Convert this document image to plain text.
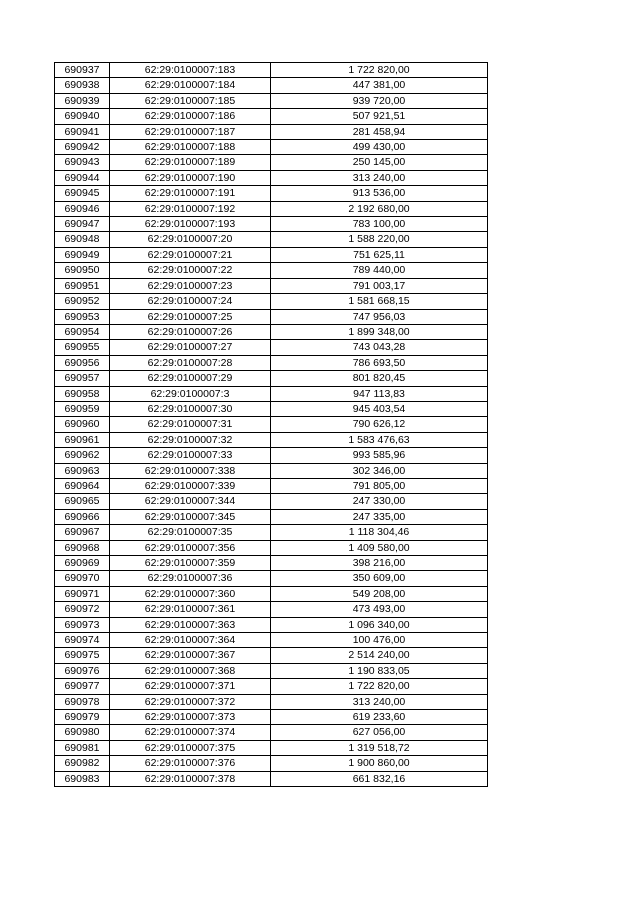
690937	62:29:0100007:183	1 722 820,00
690938	62:29:0100007:184	447 381,00
690939	62:29:0100007:185	939 720,00
690940	62:29:0100007:186	507 921,51
690941	62:29:0100007:187	281 458,94
690942	62:29:0100007:188	499 430,00
690943	62:29:0100007:189	250 145,00
690944	62:29:0100007:190	313 240,00
690945	62:29:0100007:191	913 536,00
690946	62:29:0100007:192	2 192 680,00
690947	62:29:0100007:193	783 100,00
690948	62:29:0100007:20	1 588 220,00
690949	62:29:0100007:21	751 625,11
690950	62:29:0100007:22	789 440,00
690951	62:29:0100007:23	791 003,17
690952	62:29:0100007:24	1 581 668,15
690953	62:29:0100007:25	747 956,03
690954	62:29:0100007:26	1 899 348,00
690955	62:29:0100007:27	743 043,28
690956	62:29:0100007:28	786 693,50
690957	62:29:0100007:29	801 820,45
690958	62:29:0100007:3	947 113,83
690959	62:29:0100007:30	945 403,54
690960	62:29:0100007:31	790 626,12
690961	62:29:0100007:32	1 583 476,63
690962	62:29:0100007:33	993 585,96
690963	62:29:0100007:338	302 346,00
690964	62:29:0100007:339	791 805,00
690965	62:29:0100007:344	247 330,00
690966	62:29:0100007:345	247 335,00
690967	62:29:0100007:35	1 118 304,46
690968	62:29:0100007:356	1 409 580,00
690969	62:29:0100007:359	398 216,00
690970	62:29:0100007:36	350 609,00
690971	62:29:0100007:360	549 208,00
690972	62:29:0100007:361	473 493,00
690973	62:29:0100007:363	1 096 340,00
690974	62:29:0100007:364	100 476,00
690975	62:29:0100007:367	2 514 240,00
690976	62:29:0100007:368	1 190 833,05
690977	62:29:0100007:371	1 722 820,00
690978	62:29:0100007:372	313 240,00
690979	62:29:0100007:373	619 233,60
690980	62:29:0100007:374	627 056,00
690981	62:29:0100007:375	1 319 518,72
690982	62:29:0100007:376	1 900 860,00
690983	62:29:0100007:378	661 832,16
